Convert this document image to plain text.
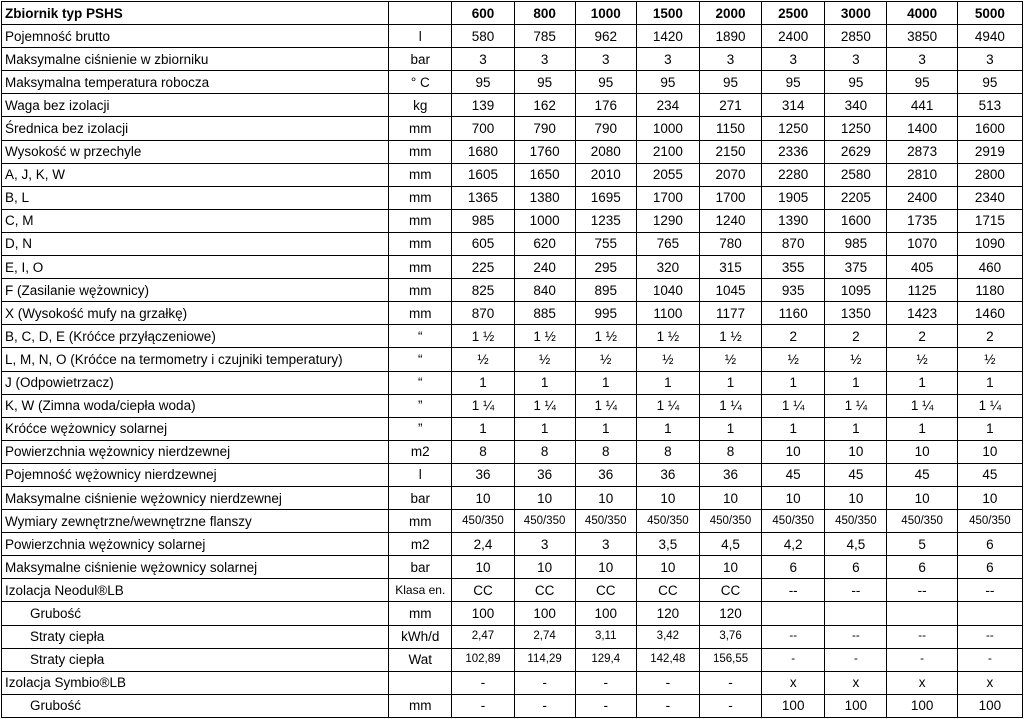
Zbiornik typ PSHS		600	800	1000	1500	2000	2500	3000	4000	5000
Pojemność brutto	l	580	785	962	1420	1890	2400	2850	3850	4940
Maksymalne ciśnienie w zbiorniku	bar	3	3	3	3	3	3	3	3	3
Maksymalna temperatura robocza	° C	95	95	95	95	95	95	95	95	95
Waga bez izolacji	kg	139	162	176	234	271	314	340	441	513
Średnica bez izolacji	mm	700	790	790	1000	1150	1250	1250	1400	1600
Wysokość w przechyle	mm	1680	1760	2080	2100	2150	2336	2629	2873	2919
A, J, K, W	mm	1605	1650	2010	2055	2070	2280	2580	2810	2800
B, L	mm	1365	1380	1695	1700	1700	1905	2205	2400	2340
C, M	mm	985	1000	1235	1290	1240	1390	1600	1735	1715
D, N	mm	605	620	755	765	780	870	985	1070	1090
E, I, O	mm	225	240	295	320	315	355	375	405	460
F (Zasilanie wężownicy)	mm	825	840	895	1040	1045	935	1095	1125	1180
X (Wysokość mufy na grzałkę)	mm	870	885	995	1100	1177	1160	1350	1423	1460
B, C, D, E (Króćce przyłączeniowe)	“	1 ½	1 ½	1 ½	1 ½	1 ½	2	2	2	2
L, M, N, O (Króćce na termometry i czujniki temperatury)	“	½	½	½	½	½	½	½	½	½
J (Odpowietrzacz)	“	1	1	1	1	1	1	1	1	1
K, W (Zimna woda/ciepła woda)	”	1 ¼	1 ¼	1 ¼	1 ¼	1 ¼	1 ¼	1 ¼	1 ¼	1 ¼
Króćce wężownicy solarnej	”	1	1	1	1	1	1	1	1	1
Powierzchnia wężownicy nierdzewnej	m2	8	8	8	8	8	10	10	10	10
Pojemność wężownicy nierdzewnej	l	36	36	36	36	36	45	45	45	45
Maksymalne ciśnienie wężownicy nierdzewnej	bar	10	10	10	10	10	10	10	10	10
Wymiary zewnętrzne/wewnętrzne flanszy	mm	450/350	450/350	450/350	450/350	450/350	450/350	450/350	450/350	450/350
Powierzchnia wężownicy solarnej	m2	2,4	3	3	3,5	4,5	4,2	4,5	5	6
Maksymalne ciśnienie wężownicy solarnej	bar	10	10	10	10	10	6	6	6	6
Izolacja Neodul®LB	Klasa en.	CC	CC	CC	CC	CC	--	--	--	--
Grubość	mm	100	100	100	120	120				
Straty ciepła	kWh/d	2,47	2,74	3,11	3,42	3,76	--	--	--	--
Straty ciepła	Wat	102,89	114,29	129,4	142,48	156,55	-	-	-	-
Izolacja Symbio®LB		-	-	-	-	-	x	x	x	x
Grubość	mm	-	-	-	-	-	100	100	100	100
